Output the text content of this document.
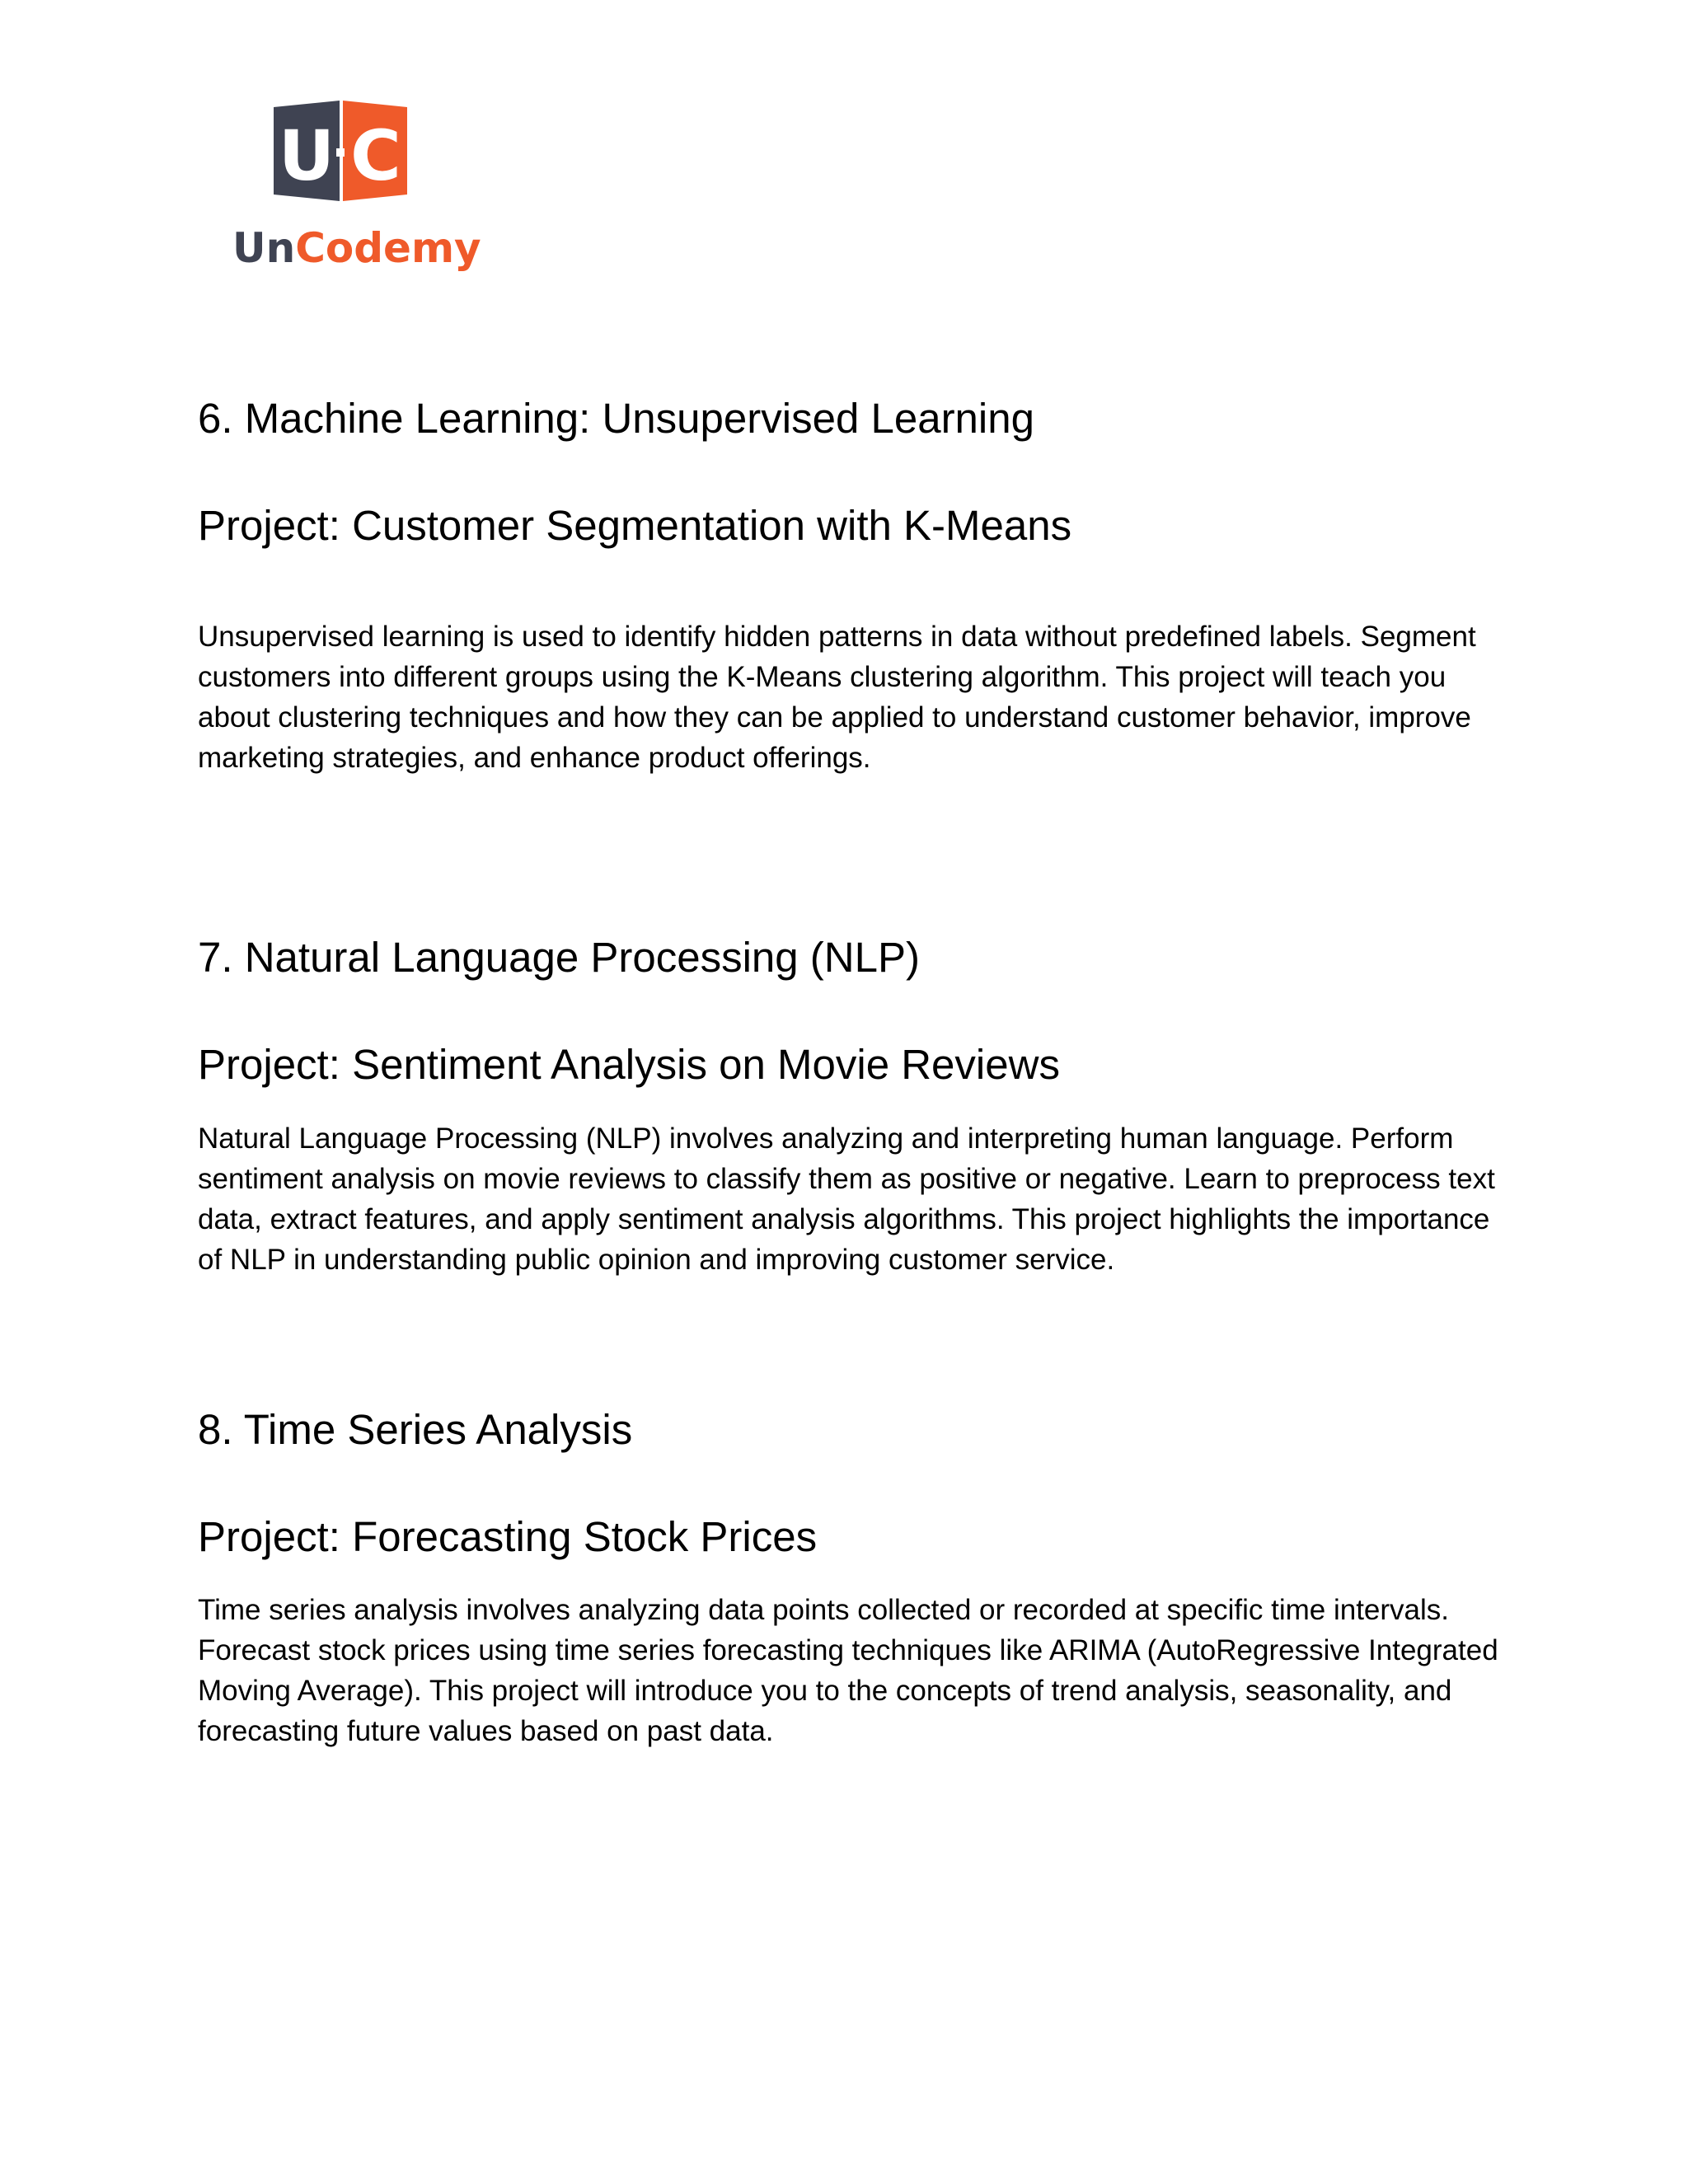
U C
UnCodemy
6. Machine Learning: Unsupervised Learning
Project: Customer Segmentation with K-Means

Unsupervised learning is used to identify hidden patterns in data without predefined labels. Segment customers into different groups using the K-Means clustering algorithm. This project will teach you about clustering techniques and how they can be applied to understand customer behavior, improve marketing strategies, and enhance product offerings.

7. Natural Language Processing (NLP)
Project: Sentiment Analysis on Movie Reviews

Natural Language Processing (NLP) involves analyzing and interpreting human language. Perform sentiment analysis on movie reviews to classify them as positive or negative. Learn to preprocess text data, extract features, and apply sentiment analysis algorithms. This project highlights the importance of NLP in understanding public opinion and improving customer service.

8. Time Series Analysis
Project: Forecasting Stock Prices

Time series analysis involves analyzing data points collected or recorded at specific time intervals. Forecast stock prices using time series forecasting techniques like ARIMA (AutoRegressive Integrated Moving Average). This project will introduce you to the concepts of trend analysis, seasonality, and forecasting future values based on past data.
